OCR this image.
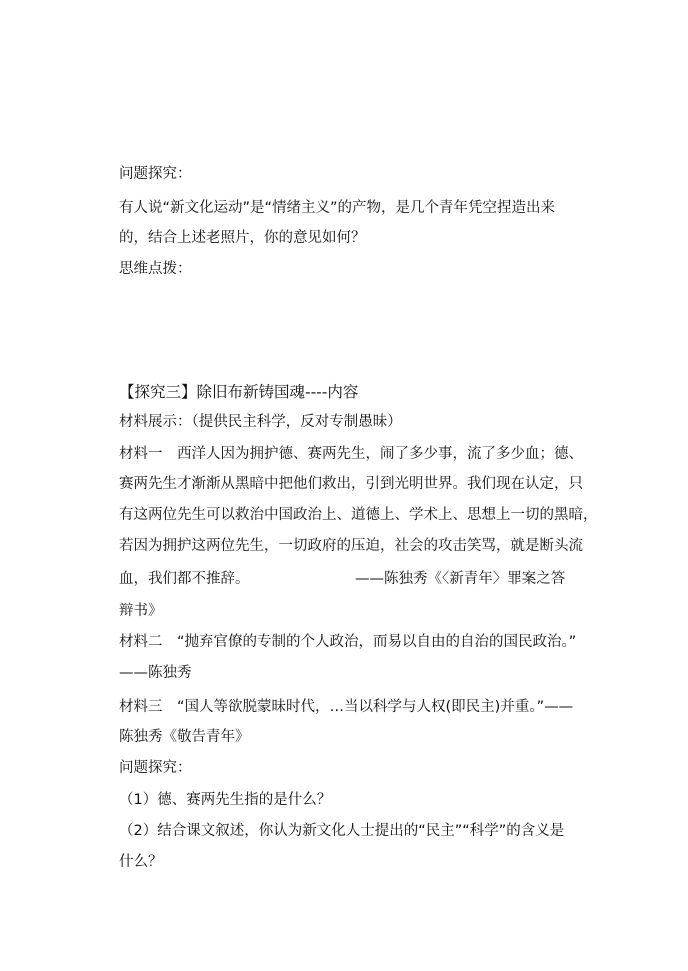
问题探究：
有人说“新文化运动”是“情绪主义”的产物，是几个青年凭空捏造出来
的，结合上述老照片，你的意见如何？
思维点拨：
【探究三】除旧布新铸国魂----内容
材料展示：（提供民主科学，反对专制愚昧）
材料一　西洋人因为拥护德、赛两先生，闹了多少事，流了多少血；德、
赛两先生才渐渐从黑暗中把他们救出，引到光明世界。我们现在认定，只
有这两位先生可以救治中国政治上、道德上、学术上、思想上一切的黑暗，
若因为拥护这两位先生，一切政府的压迫，社会的攻击笑骂，就是断头流
血，我们都不推辞。	——陈独秀《〈新青年〉罪案之答
辩书》
材料二　“抛弃官僚的专制的个人政治，而易以自由的自治的国民政治。”
——陈独秀
材料三　“国人等欲脱蒙昧时代，…当以科学与人权(即民主)并重。”——
陈独秀《敬告青年》
问题探究：
（1）德、赛两先生指的是什么？
（2）结合课文叙述，你认为新文化人士提出的“民主”“科学”的含义是
什么？
